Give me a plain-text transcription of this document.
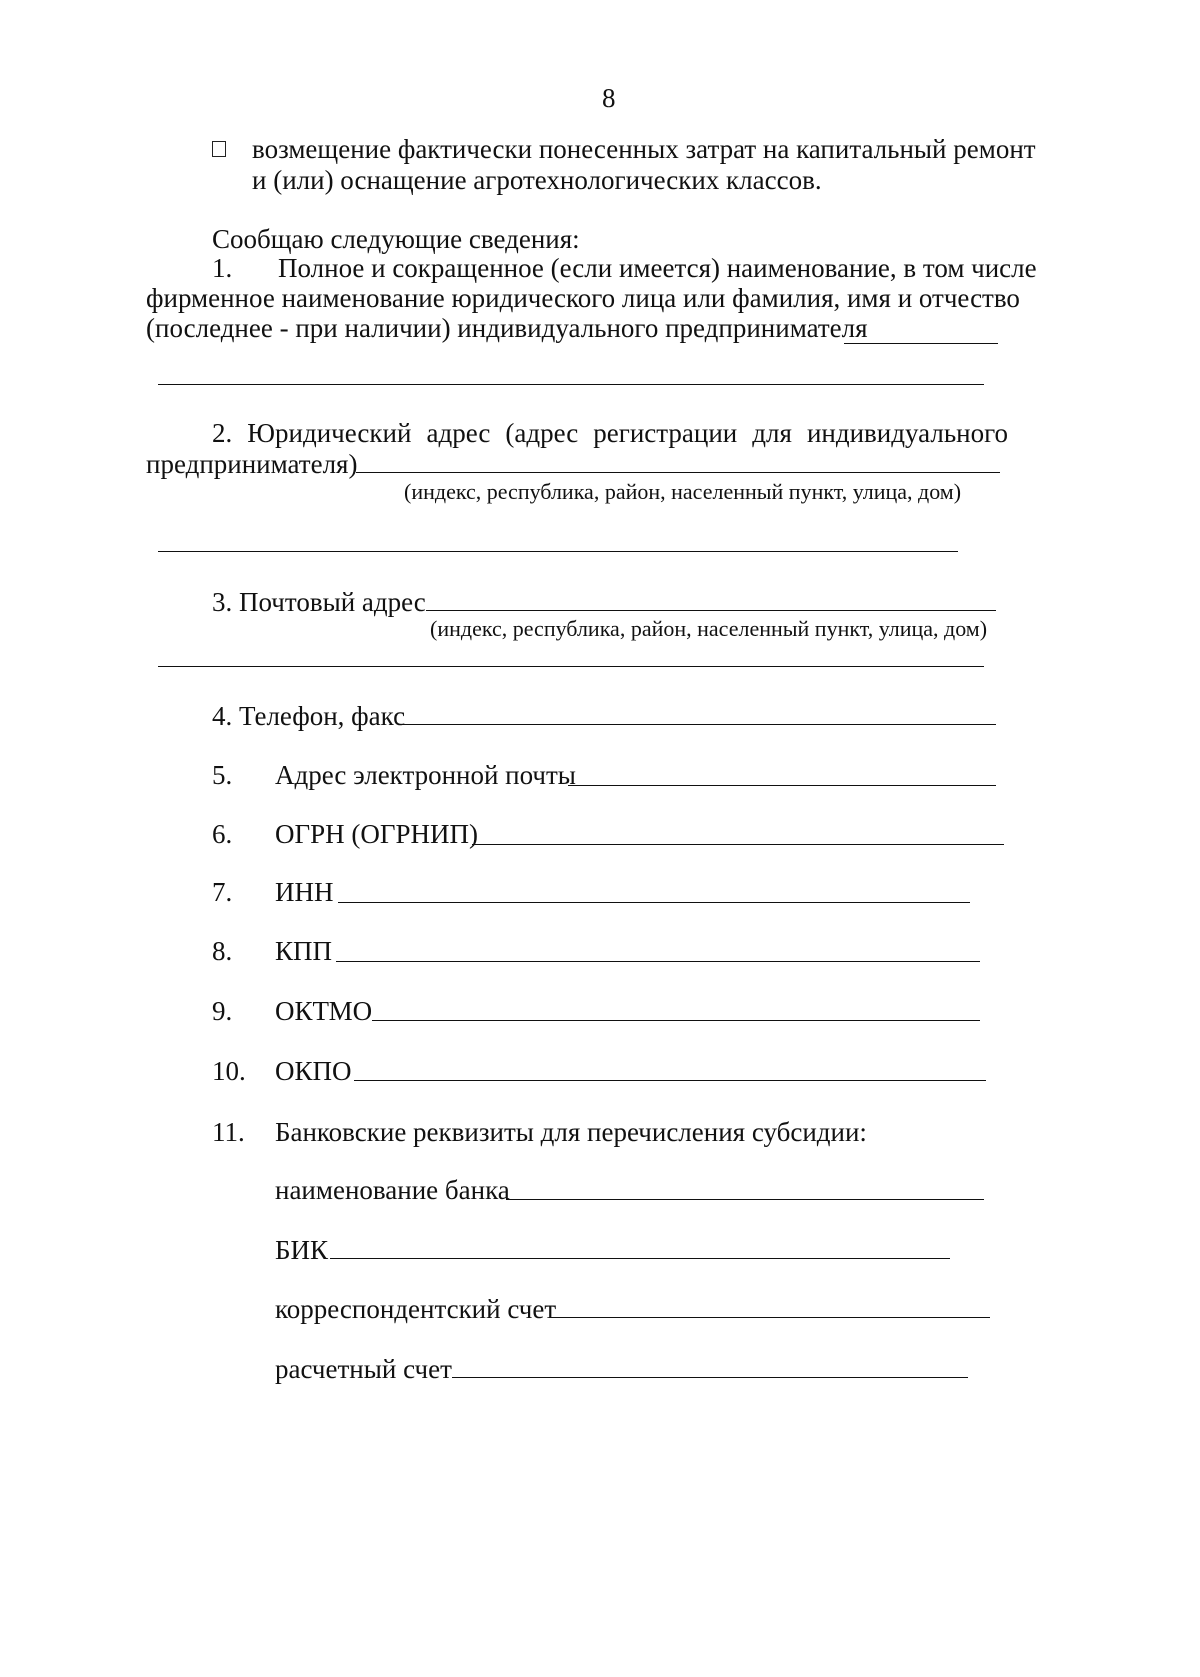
8
возмещение фактически понесенных затрат на капитальный ремонт
и (или) оснащение агротехнологических классов.
Сообщаю следующие сведения:
1. Полное и сокращенное (если имеется) наименование, в том числе
фирменное наименование юридического лица или фамилия, имя и отчество
(последнее - при наличии) индивидуального предпринимателя
2. Юридический адрес (адрес регистрации для индивидуального
предпринимателя)
(индекс, республика, район, населенный пункт, улица, дом)
3. Почтовый адрес
(индекс, республика, район, населенный пункт, улица, дом)
4. Телефон, факс
5. Адрес электронной почты
6. ОГРН (ОГРНИП)
7. ИНН
8. КПП
9. ОКТМО
10. ОКПО
11. Банковские реквизиты для перечисления субсидии:
наименование банка
БИК
корреспондентский счет
расчетный счет
